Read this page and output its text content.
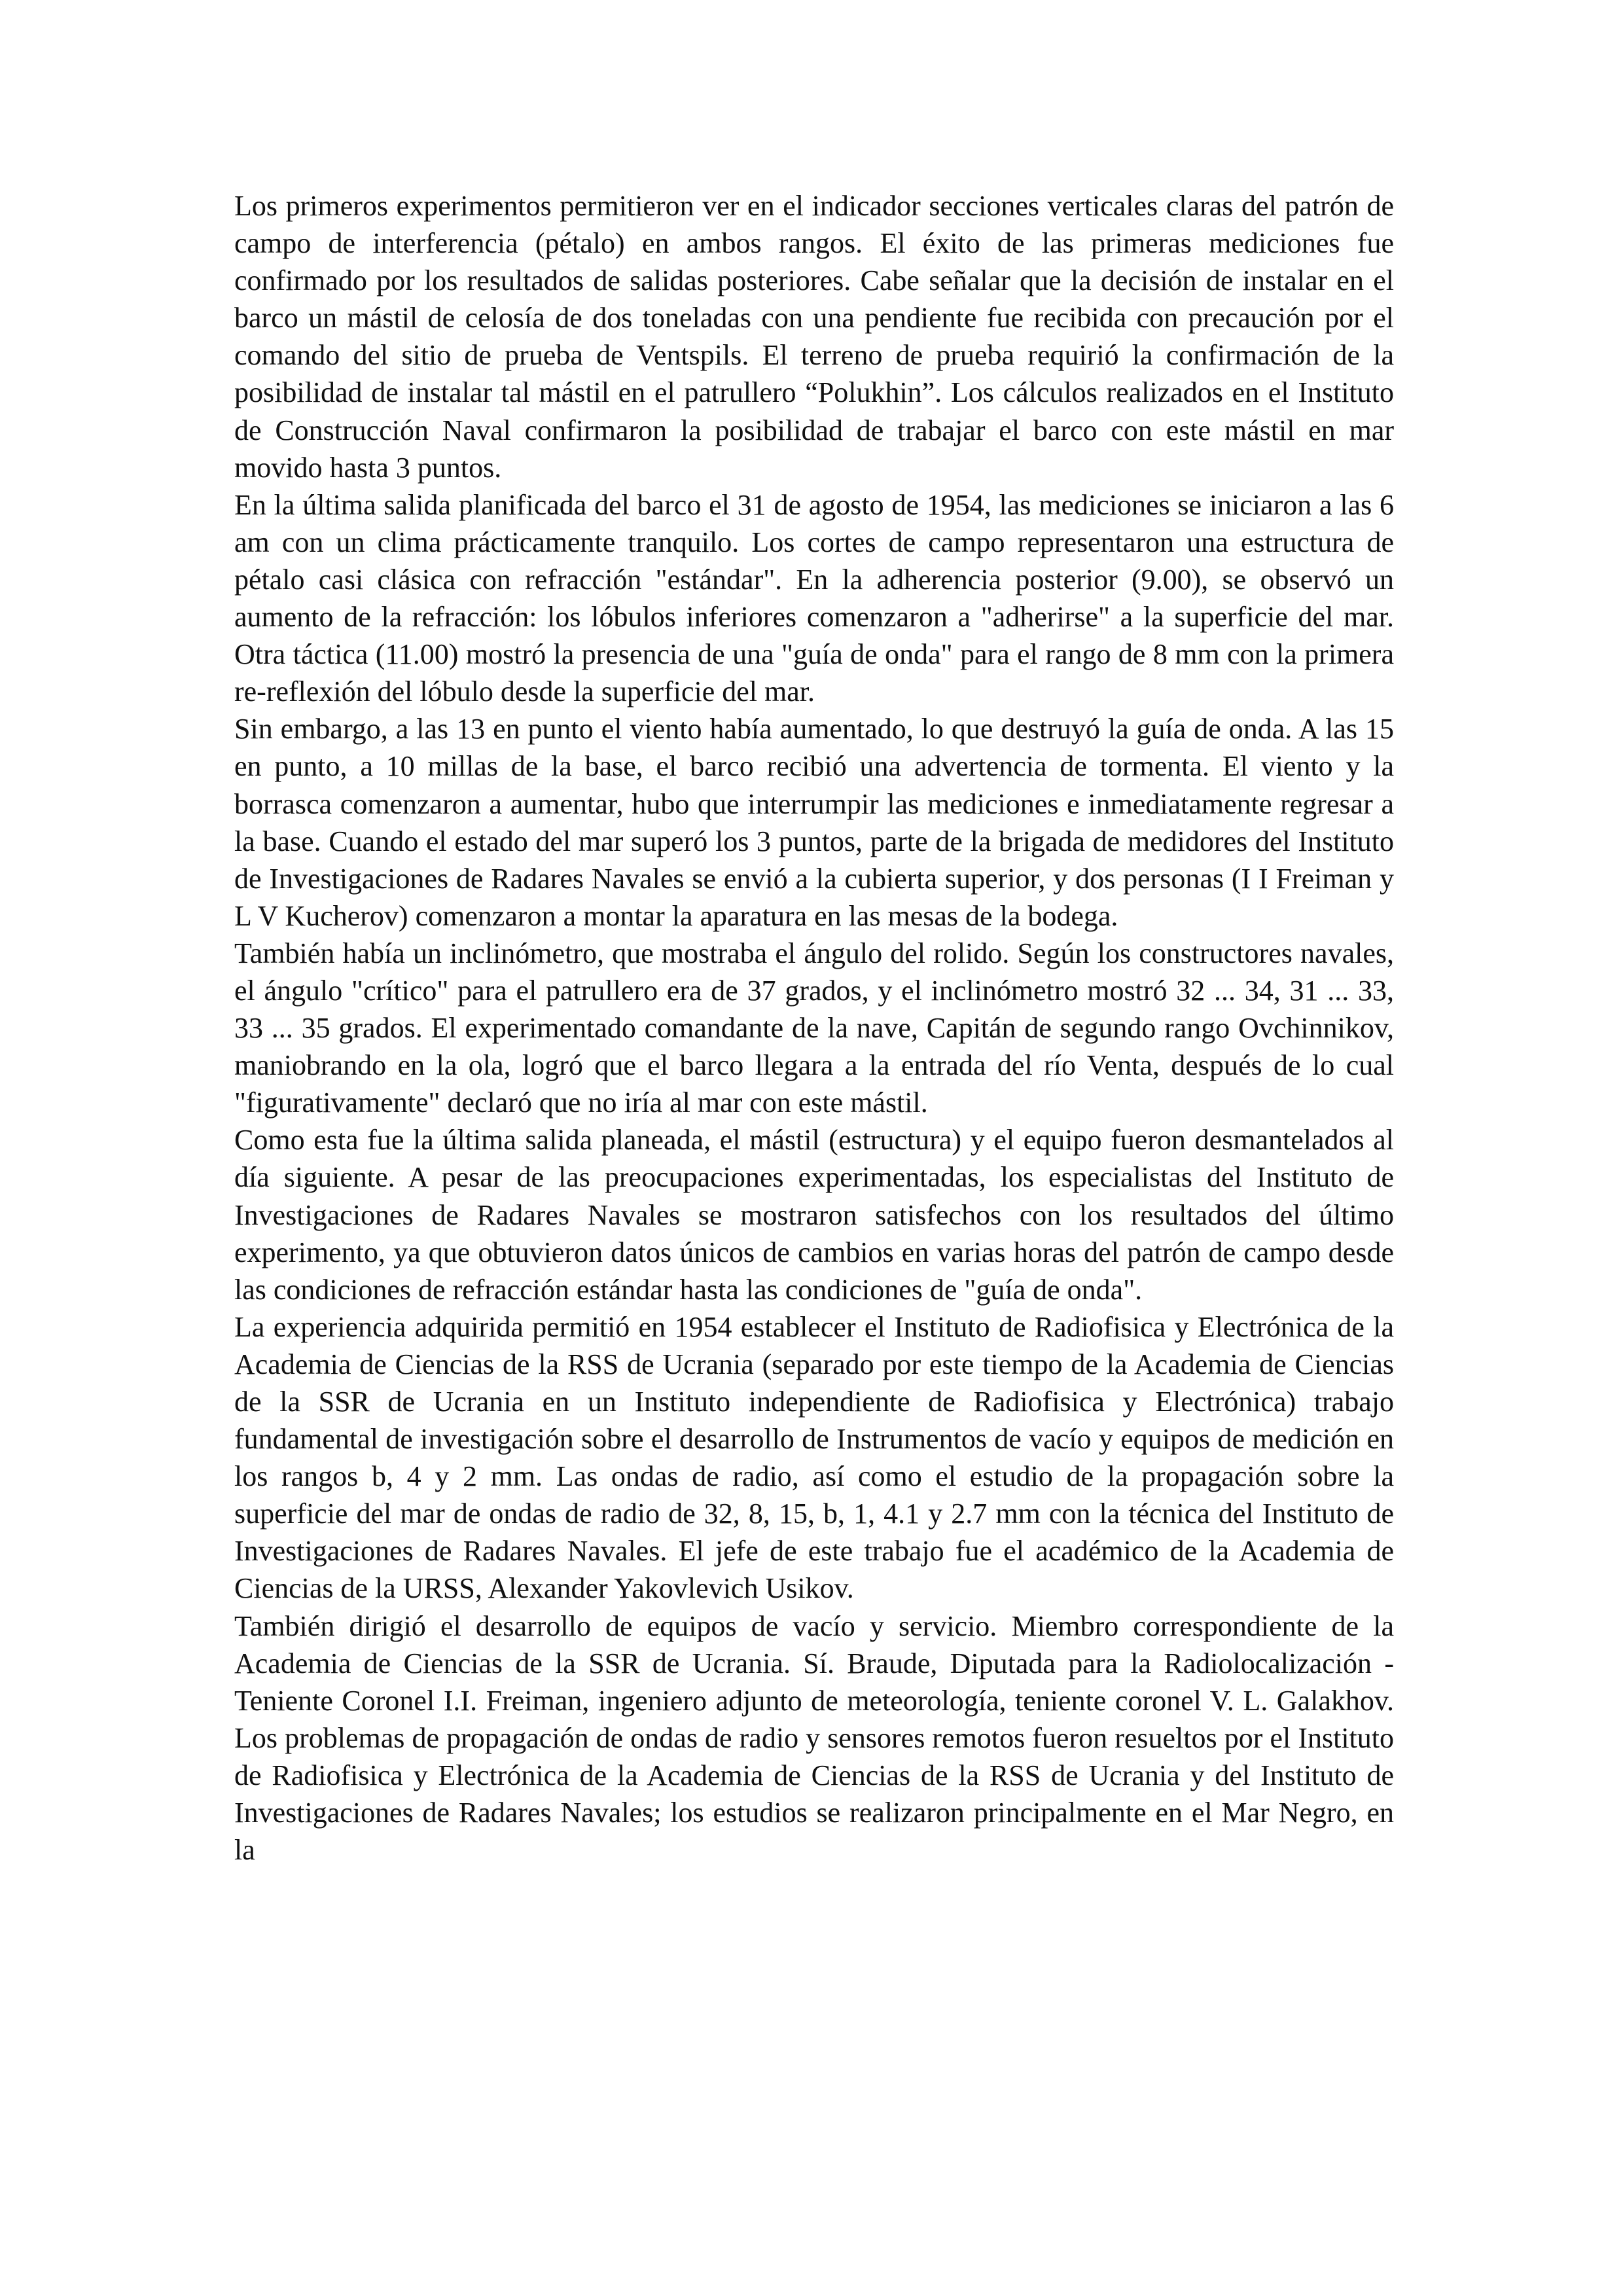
Los primeros experimentos permitieron ver en el indicador secciones verticales claras del patrón de campo de interferencia (pétalo) en ambos rangos. El éxito de las primeras mediciones fue confirmado por los resultados de salidas posteriores. Cabe señalar que la decisión de instalar en el barco un mástil de celosía de dos toneladas con una pendiente fue recibida con precaución por el comando del sitio de prueba de Ventspils. El terreno de prueba requirió la confirmación de la posibilidad de instalar tal mástil en el patrullero “Polukhin”. Los cálculos realizados en el Instituto de Construcción Naval confirmaron la posibilidad de trabajar el barco con este mástil en mar movido hasta 3 puntos.

En la última salida planificada del barco el 31 de agosto de 1954, las mediciones se iniciaron a las 6 am con un clima prácticamente tranquilo. Los cortes de campo representaron una estructura de pétalo casi clásica con refracción "estándar". En la adherencia posterior (9.00), se observó un aumento de la refracción: los lóbulos inferiores comenzaron a "adherirse" a la superficie del mar. Otra táctica (11.00) mostró la presencia de una "guía de onda" para el rango de 8 mm con la primera re-reflexión del lóbulo desde la superficie del mar.

Sin embargo, a las 13 en punto el viento había aumentado, lo que destruyó la guía de onda. A las 15 en punto, a 10 millas de la base, el barco recibió una advertencia de tormenta. El viento y la borrasca comenzaron a aumentar, hubo que interrumpir las mediciones e inmediatamente regresar a la base. Cuando el estado del mar superó los 3 puntos, parte de la brigada de medidores del Instituto de Investigaciones de Radares Navales se envió a la cubierta superior, y dos personas (I I Freiman y L V Kucherov) comenzaron a montar la aparatura en las mesas de la bodega.

También había un inclinómetro, que mostraba el ángulo del rolido. Según los constructores navales, el ángulo "crítico" para el patrullero era de 37 grados, y el inclinómetro mostró 32 ... 34, 31 ... 33, 33 ... 35 grados. El experimentado comandante de la nave, Capitán de segundo rango Ovchinnikov, maniobrando en la ola, logró que el barco llegara a la entrada del río Venta, después de lo cual "figurativamente" declaró que no iría al mar con este mástil.

Como esta fue la última salida planeada, el mástil (estructura) y el equipo fueron desmantelados al día siguiente. A pesar de las preocupaciones experimentadas, los especialistas del Instituto de Investigaciones de Radares Navales se mostraron satisfechos con los resultados del último experimento, ya que obtuvieron datos únicos de cambios en varias horas del patrón de campo desde las condiciones de refracción estándar hasta las condiciones de "guía de onda".

La experiencia adquirida permitió en 1954 establecer el Instituto de Radiofisica y Electrónica de la Academia de Ciencias de la RSS de Ucrania (separado por este tiempo de la Academia de Ciencias de la SSR de Ucrania en un Instituto independiente de Radiofisica y Electrónica) trabajo fundamental de investigación sobre el desarrollo de Instrumentos de vacío y equipos de medición en los rangos b, 4 y 2 mm. Las ondas de radio, así como el estudio de la propagación sobre la superficie del mar de ondas de radio de 32, 8, 15, b, 1, 4.1 y 2.7 mm con la técnica del Instituto de Investigaciones de Radares Navales. El jefe de este trabajo fue el académico de la Academia de Ciencias de la URSS, Alexander Yakovlevich Usikov.

También dirigió el desarrollo de equipos de vacío y servicio. Miembro correspondiente de la Academia de Ciencias de la SSR de Ucrania. Sí. Braude, Diputada para la Radiolocalización - Teniente Coronel I.I. Freiman, ingeniero adjunto de meteorología, teniente coronel V. L. Galakhov. Los problemas de propagación de ondas de radio y sensores remotos fueron resueltos por el Instituto de Radiofisica y Electrónica de la Academia de Ciencias de la RSS de Ucrania y del Instituto de Investigaciones de Radares Navales; los estudios se realizaron principalmente en el Mar Negro, en la
